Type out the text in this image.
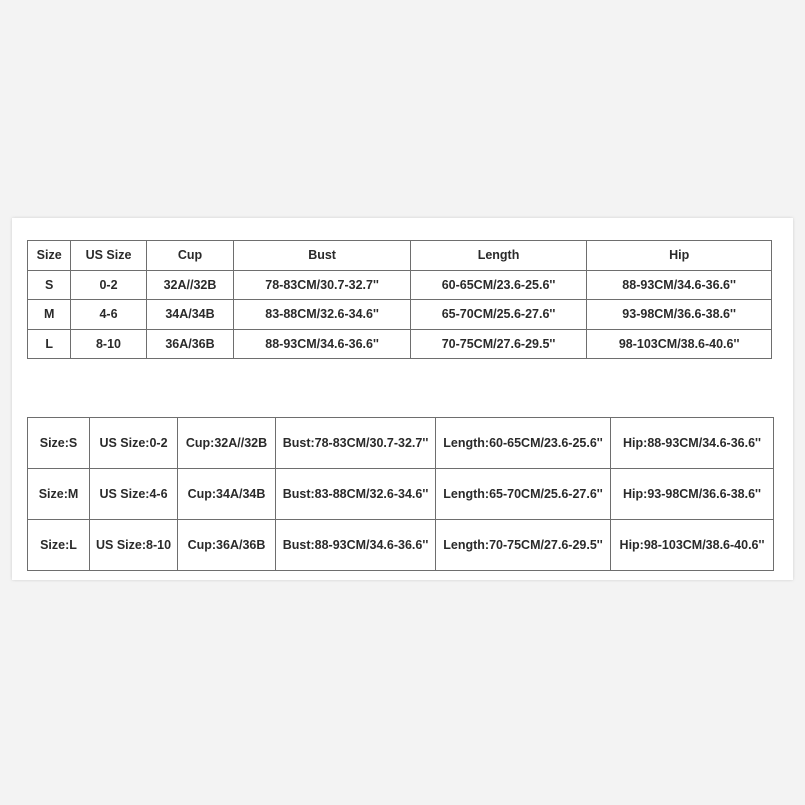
Size	US Size	Cup	Bust	Length	Hip
S	0-2	32A//32B	78-83CM/30.7-32.7''	60-65CM/23.6-25.6''	88-93CM/34.6-36.6''
M	4-6	34A/34B	83-88CM/32.6-34.6''	65-70CM/25.6-27.6''	93-98CM/36.6-38.6''
L	8-10	36A/36B	88-93CM/34.6-36.6''	70-75CM/27.6-29.5''	98-103CM/38.6-40.6''
Size:S	US Size:0-2	Cup:32A//32B	Bust:78-83CM/30.7-32.7''	Length:60-65CM/23.6-25.6''	Hip:88-93CM/34.6-36.6''
Size:M	US Size:4-6	Cup:34A/34B	Bust:83-88CM/32.6-34.6''	Length:65-70CM/25.6-27.6''	Hip:93-98CM/36.6-38.6''
Size:L	US Size:8-10	Cup:36A/36B	Bust:88-93CM/34.6-36.6''	Length:70-75CM/27.6-29.5''	Hip:98-103CM/38.6-40.6''
